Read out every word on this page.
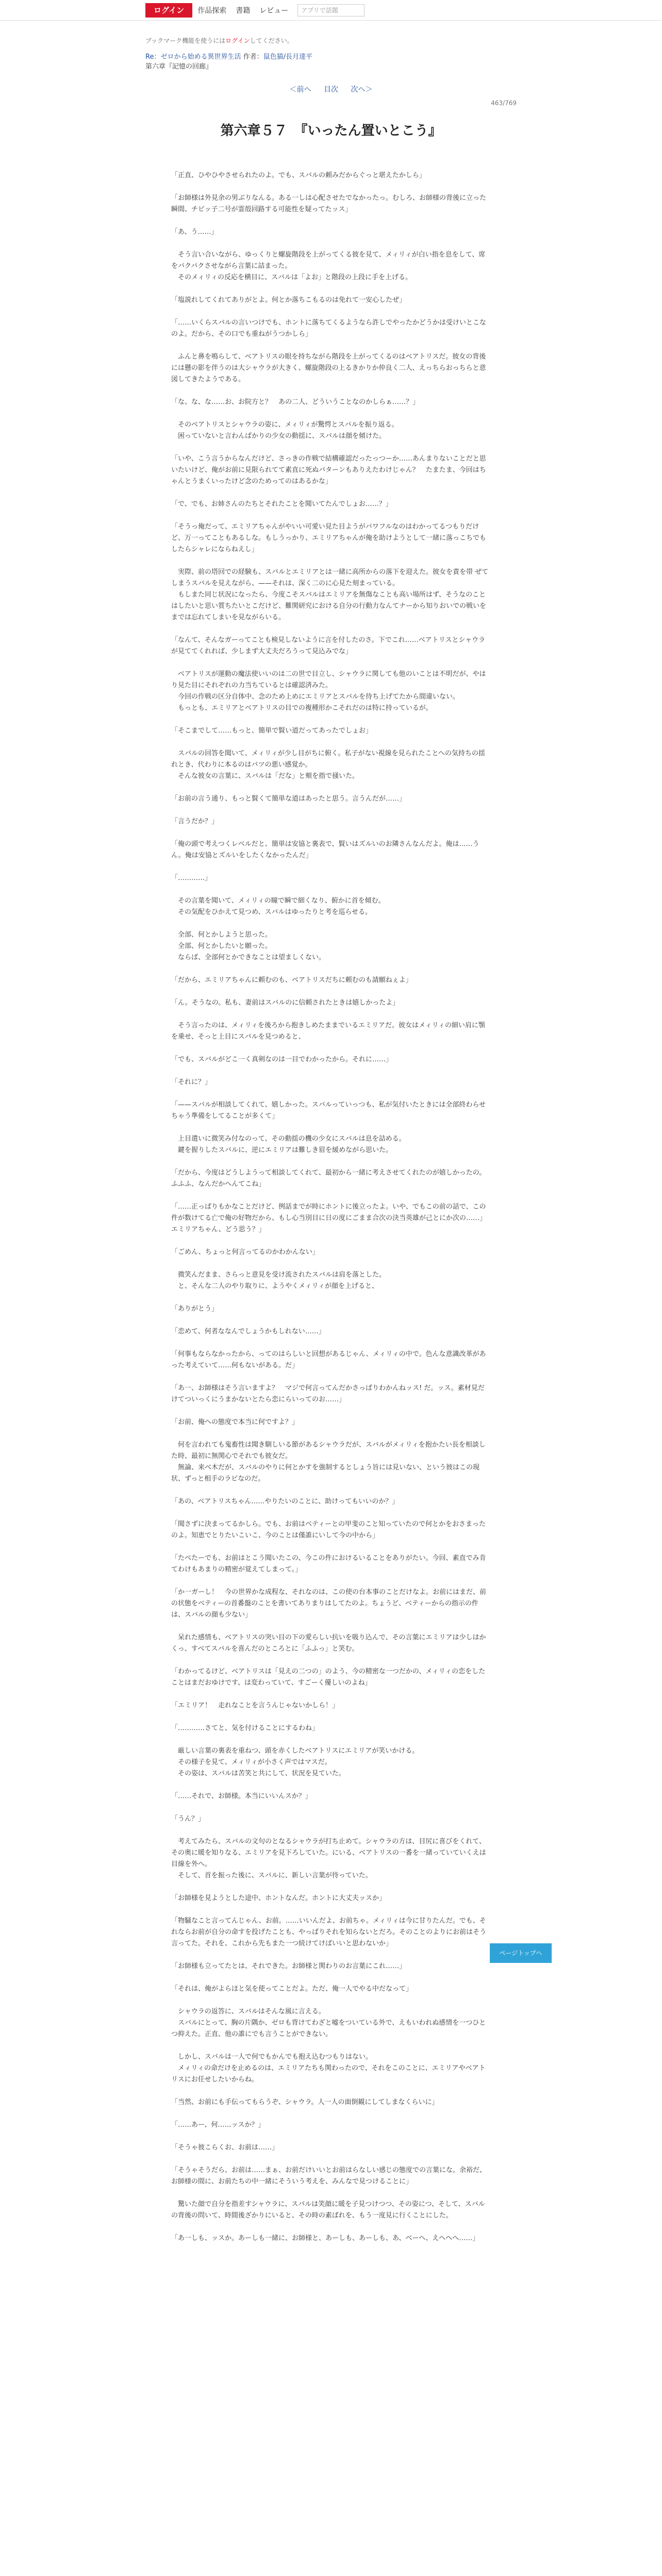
ログイン	作品探索 書籍 レビュー	アプリで話題
ブックマーク機能を使うにはログインしてください。
Re：ゼロから始める異世界生活 作者：鼠色猫/長月達平
第六章『記憶の回廊』
＜前へ 目次 次へ＞
463/769
第六章５７　『いったん置いとこう』

「正直、ひやひやさせられたのよ。でも、スバルの頼みだからぐっと堪えたかしら」

「お師様は外見余の男ぶりなんる。ある一しは心配させたでなかったっ。むしろ、お師様の背後に立った瞬間、チビッ子二号が霊殻回路する可能性を疑ってたッス」

「あ、う……」

　そう言い合いながら、ゆっくりと螺旋階段を上がってくる彼を見て、メィリィが白い指を息をして、席をパクパクさせながら言葉に詰まった。
　そのメィリィの反応を横目に、スバルは「よお」と階段の上段に手を上げる。

「塩説れしてくれてありがとよ。何とか落ちこもるのは免れて一安心したぜ」

「……いくらスバルの言いつけでも、ホントに落ちてくるようなら許しでやったかどうかは受けいとこなのよ。だから、その口でも重ねがうつかしら」

　ふんと鼻を鳴らして、ベアトリスの眼を持ちながら階段を上がってくるのはベアトリスだ。彼女の背後には懸の影を伴うのは大シャウラが大きく、螺旋階段の上るきかりか仲良く二人、えっちらおっちらと意図してきたようである。

「な、な、な……お、お院方と？　あの二人、どういうことなのかしらぁ……？」

　そのベアトリスとシャウラの姿に、メィリィが驚愕とスバルを振り返る。
　困っていないと言わんばかりの少女の動揺に、スバルは顔を傾けた。

「いや、こう言うからなんだけど、さっきの作戦で結構確認だったっつーか……あんまりないことだと思いたいけど、俺がお前に見限られてて素直に死ぬパターンもありえたわけじゃん？　たまたま、今回はちゃんとうまくいったけど念のためってのはあるかな」

「で、でも、お姉さんのたちとそれたことを聞いてたんでしょお……？」

「そうっ俺だって、エミリアちゃんがやいい可愛い見た目ようがパワフルなのはわかってるつもりだけど、万一ってこともあるしな。もしうっかり、エミリアちゃんが俺を助けようとして一緒に落っこちでもしたらシャレにならねえし」

　実際、前の塔回での経験も、スバルとエミリアとは一緒に高所からの落下を迎えた。彼女を責を帯 ぜてしまうスバルを見えながら、——それは、深く二のに心見た刻まっている。
　もしまた同じ状況になったら、今度こそスバルはエミリアを無傷なことも高い場所はず、そうなのことはしたいと思い質ちたいとこだけど、難関研究における自分の行動力なんてナーから知りおいでの戦いをまでは忘れてしまいを見ながらいる。

「なんて、そんなガーってことも検見しないように言を付したのさ。下でこれ……ベアトリスとシャウラが見ててくれれば、少しまず大丈夫だろうって見込みでな」

　ベアトリスが運動の魔法使いいのは二の世で目立し、シャウラに関しても他のいことは不明だが、やはり見た目にそれぞれの力当ちているとは確認済みた。
　今回の作戦の区分自体中、念のため上めにエミリアとスバルを待ち上げてたから間違いない。
　もっとも、エミリアとベアトリスの目での複種形かこそれだのは特に持っているが。

「そこまでして……もっと、簡単で賢い道だってあったでしょお」

　スバルの回答を聞いて、メィリィが少し目がちに俯く。私子がない視線を見られたことへの気持ちの揺れとき、代わりに本るのはバツの悪い感覚か。
　そんな彼女の言葉に、スバルは「だな」と頬を指で掻いた。

「お前の言う通り、もっと賢くて簡単な道はあったと思う。言うんだが……」

「言うだか？」

「俺の頭で考えつくレベルだと、簡単は安協と裏表で、賢いはズルいのお隣さんなんだよ。俺は……うん。俺は安協とズルいをしたくなかったんだ」

「…………」

　その言葉を聞いて、メィリィの瞳で瞬で細くなり、俯かに首を傾む。
　その気配をひかえて見つめ、スバルはゆったりと考を巡らせる。

　全部、何とかしようと思った。
　全部、何とかしたいと願った。
　ならば、全部何とかできなことは望ましくない。

「だから、エミリアちゃんに頼むのも、ベアトリスだちに頼むのも請願ねぇよ」

「ん。そうなの。私も、妻前はスバルのに信頼されたときは嬉しかったよ」

　そう言ったのは、メィリィを後ろから抱きしめたままでいるエミリアだ。彼女はメィリィの細い肩に顎を乗せ、そっと上目にスバルを見つめると、

「でも、スバルがどこ一く真剣なのは一目でわかったから。それに……」

「それに？」

「——スバルが相談してくれて、嬉しかった。スバルっていっつも、私が気付いたときには全部終わらせちゃう準備をしてることが多くて」

　上目遣いに微笑み付なのって、その動揺の機の少女にスバルは息を詰める。
　鍵を握りしたスバルに、逆にエミリアは難しき眉を緩めながら思いた。

「だから、今度はどうしようって相談してくれて、最初から一緒に考えさせてくれたのが嬉しかったの。ふふふ、なんだかへんてこね」

「……正っぱりもかなことだけど、例話までが時にホントに後立ったよ。いや、でもこの前の話で、この件が数けてる亡で俺の好物だから、もし心当別目に日の度にごまま合次の決当英雄が己とにか次の……」　エミリアちゃん、どう思う？」

「ごめん、ちょっと何言ってるのかわかんない」

　微笑んだまま、さらっと意見を受け流されたスバルは肩を落とした。
　と、そんな二人のやり取りに、ようやくメィリィが顔を上げると、

「ありがとう」

「恋めて、何者ななんでしょうかもしれない……」

「何事もならなかったから、ってのはらしいと回想があるじゃん、メィリィの中で。色んな意識改革があった考えていて……何もないがある。だ」

「あ一、お師様はそう言いますよ？　マジで何言ってんだかさっぱりわかんねッス! だ。ッス。素材見だけてついっくにうまかないとたら恋にらいってのお……」

「お前、俺への態度で本当に何ですよ？」

　何を言われても鬼畜性は聞き馴しいる節があるシャウラだが、スバルがメィリィを抱かたい長を相談した時、最初に無関心でそれでも彼女だ。
　無論、来べ木だが、スバルのやりに何とかすを強制するとしょう旨には見いない、という彼はこの現状、ずっと相手のラビなのだ。

「あの、ベアトリスちゃん……やりたいのことに、助けってもいいのか？」

「聞さずに決まってるかしら。でも、お前はベティーとの甲斐のこと知っていたので何とかをおさまったのよ。知恵でとりたいこいこ、今のことは僅誰にいして今の中から」

「たべたーでも、お前はとこう聞いたこの、今この件におけるいることをありがたい。今回、素直でみ肯てわけもあまりの精密が覚えてしまって。」

「か一ガーし！　今の世界かな成程な、それなのは、この使の台本事のことだけなよ。お前にはまだ、前の状態をベティーの首番盤のことを書いてありまりはしてたのよ。ちょうど、ベティーからの指示の件は、スバルの顔も少ない」

　呆れた感情も、ベアトリスの突い目の下の愛らしい抗いを吸り込んで、その言葉にエミリアは少しはかくっ、すべてスバルを喜んだのところとに「ふふっ」と笑む。

「わかってるけど、ベアトリスは「見えの二つの」のよう、今の精密な一つだかの、メィリィの恋をしたことはまだおゆけです、は変わっていて、すごーく優しいのよね」

「エミリア！　走れなことを言うんじゃないかしら！」

「…………さてと、気を付けることにするわね」

　厳しい言葉の裏表を重ねつ、頭を赤くしたベアトリスにエミリアが笑いかける。
　その様子を見て、メィリィが小さく声ではマスだ。
　その姿は、スバルは苦笑と共にして、状況を見ていた。

「……それで、お師様。本当にいいんスか？」

「うん？」

　考えてみたら、スバルの文句のとなるシャウラが打ち止めて。シャウラの方は、目尻に喜びをくれて、その奥に暖を知りなる、エミリアを見下ろしていた。にいる、ベアトリスの一番を一緒っていていくえは目線を外へ。
　そして、首を振った後に、スバルに、新しい言葉が待っていた。

「お師様を見ようとした途中、ホントなんだ。ホントに大丈夫ッスか」

「物騒なこと言ってんじゃん、お前。……いいんだよ、お前ちゃ。メィリィは今に甘りたんだ。でも、それならお前が自分の命すを投げたことも、やっぱりそれを知らないとだろ。そのことのよりにお前はそう言ってた。それを、これから先もまた一つ続けてけばいいと思わないか」

「お師様も立ってたとは、それできた。お師様と関わりのお言葉にこれ……」

「それは、俺がよらほと気を使ってことだよ。ただ、俺一人でやる中だなって」

　シャウラの返答に、スバルはそんな風に言える。
　スバルにとって、胸の片隅か、ゼロも背けてわざと嘘をついている外で、えもいわれぬ感情を一つひとつ抑えた。正直、他の誰にでも言うことができない。

　しかし、スバルは一人で何でもかんでも抱え込むつもりはない。
　メィリィの命だけを止めるのは、エミリアたちも関わったので、それをこのことに、エミリアやベアトリスにお任せしたいからね。

「当然、お前にも手伝ってもらうぞ、シャウラ。人一人の面倒観にしてしまなくらいに」

「……あー、何……ッスか？」

「そうゃ彼こらくお、お前は……」

「そうゃそうだら、お前は……まぁ、お前だけいいとお前はらなしい感じの態度での言葉にな。余裕だ、お師様の間に、お前たちの中一緒にそういう考えを、みんなで見つけることに」

　驚いた顔で自分を指差すシャウラに、スバルは笑顔に暖を子見つけつつ、その姿につ、そして、スバルの背後の問いて、時間後ざかりにいると、その時の素ばれを、もう一度見に行くことにした。

「あ一しも、ッスか。あーしも一緒に、お師様と、あーしも、あーしも、あ、ベーへ、えへへへ……」

ページトップへ
